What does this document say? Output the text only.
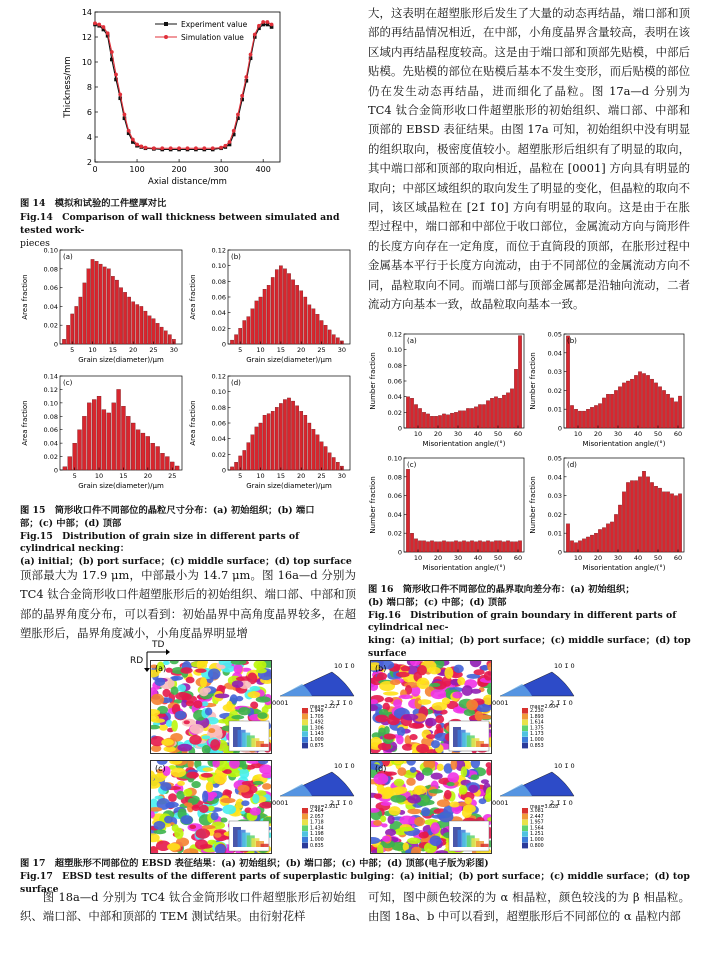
2
4
6
8
10
12
14
0	100	200	300	400
Axial distance/mm
Thickness/mm
Experiment value
Simulation value
图 14　模拟和试验的工件壁厚对比
Fig.14　Comparison of wall thickness between simulated and tested work-
pieces
0
0.02
0.04
0.06
0.08
0.10
5 10 15 20 25 30
(a)
Grain size(diameter)/μm
Area fraction
0
0.02
0.04
0.06
0.08
0.10
0.12
5 10 15 20 25 30
(b)
Grain size(diameter)/μm
Area fraction
0
0.02
0.04
0.06
0.08
0.10
0.12
0.14
5	10 15 20 25
(c)
Grain size(diameter)/μm
Area fraction
0
0.02
0.04
0.06
0.08
0.10
0.12
5 10 15 20 25 30
(d)
Grain size(diameter)/μm
Area fraction
图 15　筒形收口件不同部位的晶粒尺寸分布：(a) 初始组织；(b) 端口
部；(c) 中部；(d) 顶部
Fig.15　Distribution of grain size in different parts of cylindrical necking：
(a) initial；(b) port surface；(c) middle surface；(d) top surface
顶部最大为 17.9 μm，中部最小为 14.7 μm。图 16a—d 分别为 TC4 钛合金筒形收口件超塑胀形后的初始组织、端口部、中部和顶部的晶界角度分布，可以看到：初始晶界中高角度晶界较多，在超塑胀形后，晶界角度减小，小角度晶界明显增
大，这表明在超塑胀形后发生了大量的动态再结晶，端口部和顶部的再结晶情况相近，在中部，小角度晶界含量较高，表明在该区域内再结晶程度较高。这是由于端口部和顶部先贴模，中部后贴模。先贴模的部位在贴模后基本不发生变形，而后贴模的部位仍在发生动态再结晶，进而细化了晶粒。图 17a—d 分别为 TC4 钛合金筒形收口件超塑胀形的初始组织、端口部、中部和顶部的 EBSD 表征结果。由图 17a 可知，初始组织中没有明显的组织取向，极密度值较小。超塑胀形后组织有了明显的取向，其中端口部和顶部的取向相近，晶粒在 [0001] 方向具有明显的取向；中部区域组织的取向发生了明显的变化，但晶粒的取向不同，该区域晶粒在 [21̄ 1̄0] 方向有明显的取向。这是由于在胀型过程中，端口部和中部位于收口部位，金属流动方向与筒形件的长度方向存在一定角度，而位于直筒段的顶部，在胀形过程中金属基本平行于长度方向流动，由于不同部位的金属流动方向不同，晶粒取向不同。而端口部与顶部金属都是沿轴向流动，二者流动方向基本一致，故晶粒取向基本一致。
0
0.02
0.04
0.06
0.08
0.10
0.12
10 20 30 40 50 60
(a)
Misorientation angle/(°)
Number fraction
0
0.01
0.02
0.03
0.04
0.05
10 20 30 40 50 60
(b)
Misorientation angle/(°)
Number fraction
0
0.02
0.04
0.06
0.08
0.10
10 20 30 40 50 60
(c)
Misorientation angle/(°)
Number fraction
0
0.01
0.02
0.03
0.04
0.05
10 20 30 40 50 60
(d)
Misorientation angle/(°)
Number fraction
图 16　筒形收口件不同部位的晶界取向差分布：(a) 初始组织；
(b) 端口部；(c) 中部；(d) 顶部
Fig.16　Distribution of grain boundary in different parts of cylindrical nec-
king：(a) initial；(b) port surface；(c) middle surface；(d) top surface
TD
RD
(a)	10 1̄ 0
0001	2 1̄ 1̄ 0
max=2.227
1.949
1.705
1.492
1.306
1.143
1.000
0.875
(b)	10 1̄ 0
0001	2 1̄ 1̄ 0
max=2.604
2.230
1.893
1.614
1.375
1.173
1.000
0.853
(c)	10 1̄ 0
0001	2 1̄ 1̄ 0
max=2.931
2.464
2.057
1.718
1.434
1.198
1.000
0.835
(d)	10 1̄ 0
0001	2 1̄ 1̄ 0
max=3.828
3.081
2.447
1.957
1.564
1.251
1.000
0.800
图 17　超塑胀形不同部位的 EBSD 表征结果：(a) 初始组织；(b) 端口部；(c) 中部；(d) 顶部(电子版为彩图)
Fig.17　EBSD test results of the different parts of superplastic bulging：(a) initial；(b) port surface；(c) middle surface；(d) top surface
图 18a—d 分别为 TC4 钛合金筒形收口件超塑胀形后初始组织、端口部、中部和顶部的 TEM 测试结果。由衍射花样
可知，图中颜色较深的为 α 相晶粒，颜色较浅的为 β 相晶粒。由图 18a、b 中可以看到，超塑胀形后不同部位的 α 晶粒内部
